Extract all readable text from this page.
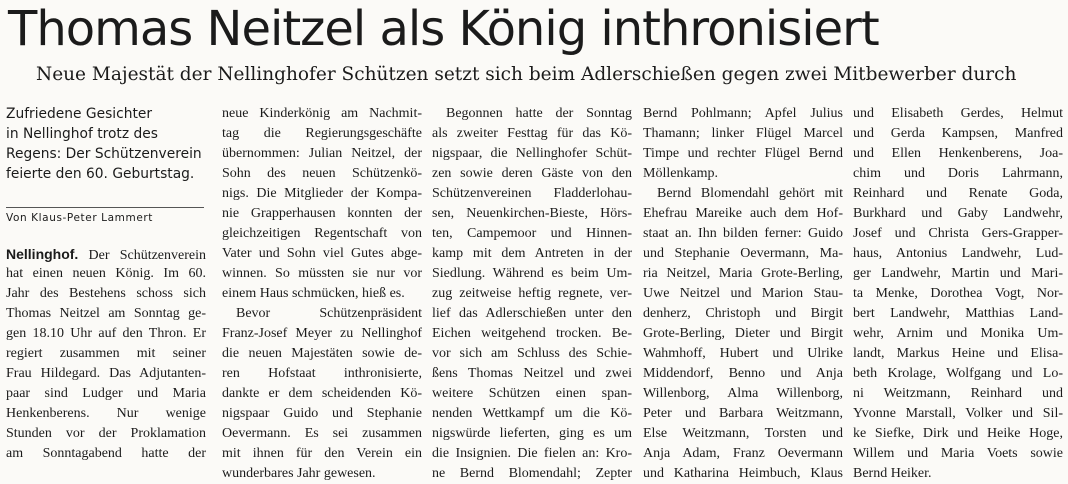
Thomas Neitzel als König inthronisiert
Neue Majestät der Nellinghofer Schützen setzt sich beim Adlerschießen gegen zwei Mitbewerber durch
Zufriedene Gesichter
in Nellinghof trotz des
Regens: Der Schützenverein
feierte den 60. Geburtstag.
Von Klaus-Peter Lammert
Nellinghof. Der Schützenverein
hat einen neuen König. Im 60.
Jahr des Bestehens schoss sich
Thomas Neitzel am Sonntag ge-
gen 18.10 Uhr auf den Thron. Er
regiert zusammen mit seiner
Frau Hildegard. Das Adjutanten-
paar sind Ludger und Maria
Henkenberens. Nur wenige
Stunden vor der Proklamation
am Sonntagabend hatte der
neue Kinderkönig am Nachmit-
tag die Regierungsgeschäfte
übernommen: Julian Neitzel, der
Sohn des neuen Schützenkö-
nigs. Die Mitglieder der Kompa-
nie Grapperhausen konnten der
gleichzeitigen Regentschaft von
Vater und Sohn viel Gutes abge-
winnen. So müssten sie nur vor
einem Haus schmücken, hieß es.
Bevor Schützenpräsident
Franz-Josef Meyer zu Nellinghof
die neuen Majestäten sowie de-
ren Hofstaat inthronisierte,
dankte er dem scheidenden Kö-
nigspaar Guido und Stephanie
Oevermann. Es sei zusammen
mit ihnen für den Verein ein
wunderbares Jahr gewesen.
Begonnen hatte der Sonntag
als zweiter Festtag für das Kö-
nigspaar, die Nellinghofer Schüt-
zen sowie deren Gäste von den
Schützenvereinen Fladderlohau-
sen, Neuenkirchen-Bieste, Hörs-
ten, Campemoor und Hinnen-
kamp mit dem Antreten in der
Siedlung. Während es beim Um-
zug zeitweise heftig regnete, ver-
lief das Adlerschießen unter den
Eichen weitgehend trocken. Be-
vor sich am Schluss des Schie-
ßens Thomas Neitzel und zwei
weitere Schützen einen span-
nenden Wettkampf um die Kö-
nigswürde lieferten, ging es um
die Insignien. Die fielen an: Kro-
ne Bernd Blomendahl; Zepter
Bernd Pohlmann; Apfel Julius
Thamann; linker Flügel Marcel
Timpe und rechter Flügel Bernd
Möllenkamp.
Bernd Blomendahl gehört mit
Ehefrau Mareike auch dem Hof-
staat an. Ihn bilden ferner: Guido
und Stephanie Oevermann, Ma-
ria Neitzel, Maria Grote-Berling,
Uwe Neitzel und Marion Stau-
denherz, Christoph und Birgit
Grote-Berling, Dieter und Birgit
Wahmhoff, Hubert und Ulrike
Middendorf, Benno und Anja
Willenborg, Alma Willenborg,
Peter und Barbara Weitzmann,
Else Weitzmann, Torsten und
Anja Adam, Franz Oevermann
und Katharina Heimbuch, Klaus
und Elisabeth Gerdes, Helmut
und Gerda Kampsen, Manfred
und Ellen Henkenberens, Joa-
chim und Doris Lahrmann,
Reinhard und Renate Goda,
Burkhard und Gaby Landwehr,
Josef und Christa Gers-Grapper-
haus, Antonius Landwehr, Lud-
ger Landwehr, Martin und Mari-
ta Menke, Dorothea Vogt, Nor-
bert Landwehr, Matthias Land-
wehr, Arnim und Monika Um-
landt, Markus Heine und Elisa-
beth Krolage, Wolfgang und Lo-
ni Weitzmann, Reinhard und
Yvonne Marstall, Volker und Sil-
ke Siefke, Dirk und Heike Hoge,
Willem und Maria Voets sowie
Bernd Heiker.
